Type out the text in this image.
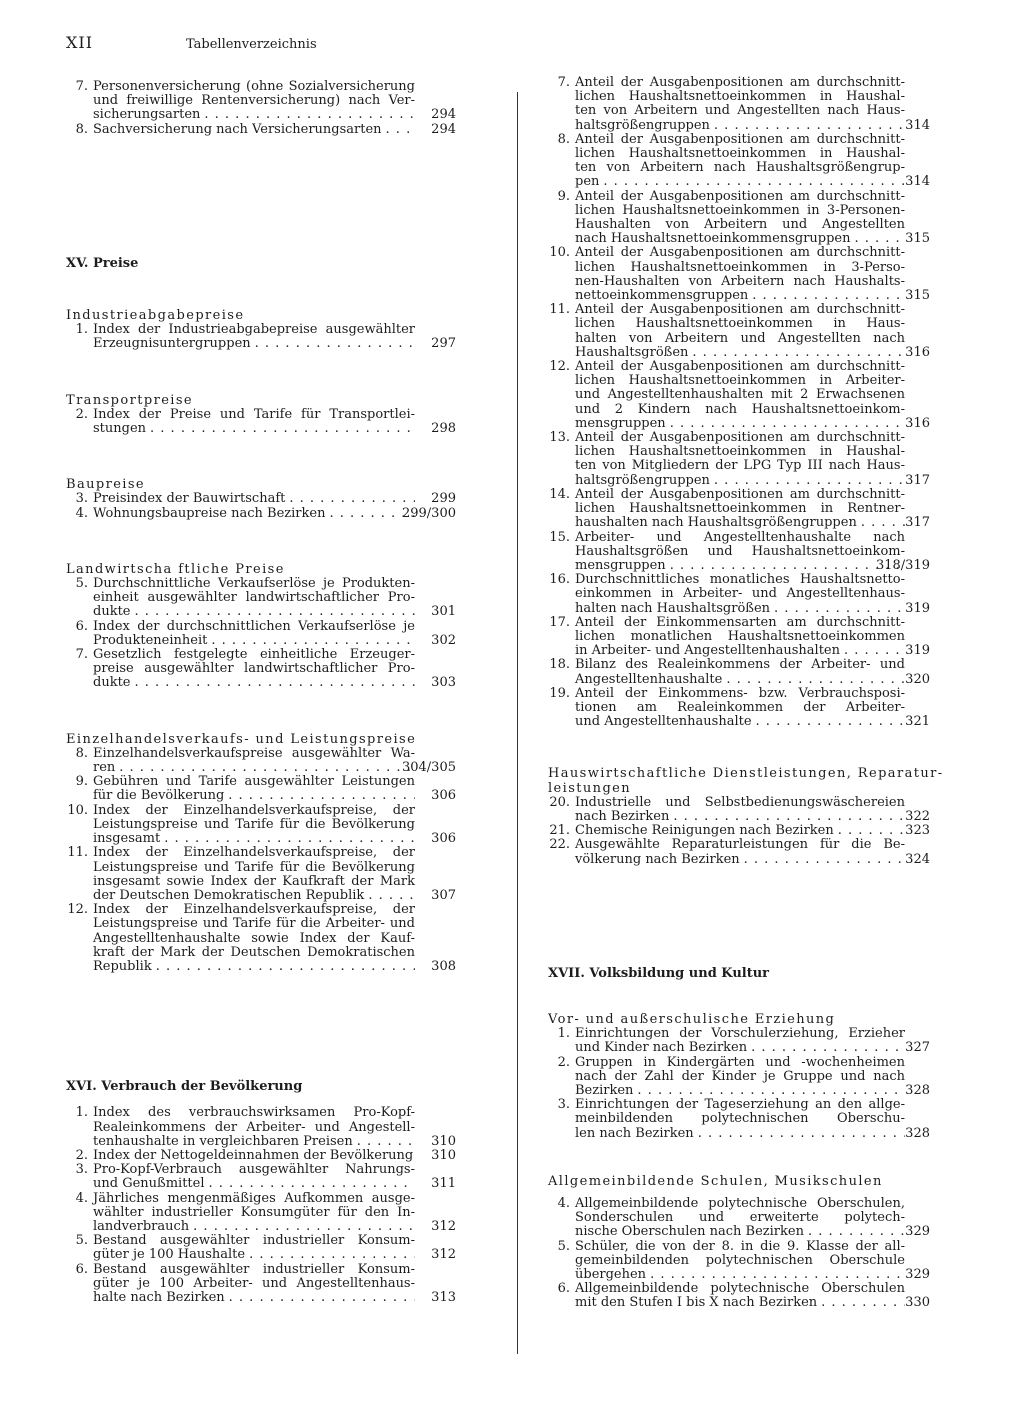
XII	Tabellenverzeichnis
7. Personenversicherung (ohne Sozialversicherung
und freiwillige Rentenversicherung) nach Ver-
sicherungsarten . . .	294
8. Sachversicherung nach Versicherungsarten . . .	294
XV. Preise
Industrieabgabepreise
1. Index der Industrieabgabepreise ausgewählter
Erzeugnisuntergruppen . . .	297
Transportpreise
2. Index der Preise und Tarife für Transportlei-
stungen . . .	298
Baupreise
3. Preisindex der Bauwirtschaft . . .	299
4. Wohnungsbaupreise nach Bezirken . . .	299/300
Landwirtscha ftliche Preise
5. Durchschnittliche Verkaufserlöse je Produkten-
einheit ausgewählter landwirtschaftlicher Pro-
dukte . . .	301
6. Index der durchschnittlichen Verkaufserlöse je
Produkteneinheit . . .	302
7. Gesetzlich festgelegte einheitliche Erzeuger-
preise ausgewählter landwirtschaftlicher Pro-
dukte . . .	303
Einzelhandelsverkaufs- und Leistungspreise
8. Einzelhandelsverkaufspreise ausgewählter Wa-
ren . . .	304/305
9. Gebühren und Tarife ausgewählter Leistungen
für die Bevölkerung . . .	306
10. Index der Einzelhandelsverkaufspreise, der
Leistungspreise und Tarife für die Bevölkerung
insgesamt . . .	306
11. Index der Einzelhandelsverkaufspreise, der
Leistungspreise und Tarife für die Bevölkerung
insgesamt sowie Index der Kaufkraft der Mark
der Deutschen Demokratischen Republik . . .	307
12. Index der Einzelhandelsverkaufspreise, der
Leistungspreise und Tarife für die Arbeiter- und
Angestelltenhaushalte sowie Index der Kauf-
kraft der Mark der Deutschen Demokratischen
Republik . . .	308
XVI. Verbrauch der Bevölkerung
1. Index des verbrauchswirksamen Pro-Kopf-
Realeinkommens der Arbeiter- und Angestell-
tenhaushalte in vergleichbaren Preisen . . .	310
2. Index der Nettogeldeinnahmen der Bevölkerung 310
3. Pro-Kopf-Verbrauch ausgewählter Nahrungs-
und Genußmittel . . .	311
4. Jährliches mengenmäßiges Aufkommen ausge-
wählter industrieller Konsumgüter für den In-
landverbrauch . . .	312
5. Bestand ausgewählter industrieller Konsum-
güter je 100 Haushalte . . .	312
6. Bestand ausgewählter industrieller Konsum-
güter je 100 Arbeiter- und Angestelltenhaus-
halte nach Bezirken . . .	313
7. Anteil der Ausgabenpositionen am durchschnitt-
lichen Haushaltsnettoeinkommen in Haushal-
ten von Arbeitern und Angestellten nach Haus-
haltsgrößengruppen . . .	314
8. Anteil der Ausgabenpositionen am durchschnitt-
lichen Haushaltsnettoeinkommen in Haushal-
ten von Arbeitern nach Haushaltsgrößengrup-
pen . . .	314
9. Anteil der Ausgabenpositionen am durchschnitt-
lichen Haushaltsnettoeinkommen in 3-Personen-
Haushalten von Arbeitern und Angestellten
nach Haushaltsnettoeinkommensgruppen . . .	315
10. Anteil der Ausgabenpositionen am durchschnitt-
lichen Haushaltsnettoeinkommen in 3-Perso-
nen-Haushalten von Arbeitern nach Haushalts-
nettoeinkommensgruppen . . .	315
11. Anteil der Ausgabenpositionen am durchschnitt-
lichen Haushaltsnettoeinkommen in Haus-
halten von Arbeitern und Angestellten nach
Haushaltsgrößen . . .	316
12. Anteil der Ausgabenpositionen am durchschnitt-
lichen Haushaltsnettoeinkommen in Arbeiter-
und Angestelltenhaushalten mit 2 Erwachsenen
und 2 Kindern nach Haushaltsnettoeinkom-
mensgruppen . . .	316
13. Anteil der Ausgabenpositionen am durchschnitt-
lichen Haushaltsnettoeinkommen in Haushal-
ten von Mitgliedern der LPG Typ III nach Haus-
haltsgrößengruppen . . .	317
14. Anteil der Ausgabenpositionen am durchschnitt-
lichen Haushaltsnettoeinkommen in Rentner-
haushalten nach Haushaltsgrößengruppen . . .	317
15. Arbeiter- und Angestelltenhaushalte nach
Haushaltsgrößen und Haushaltsnettoeinkom-
mensgruppen . . .	318/319
16. Durchschnittliches monatliches Haushaltsnetto-
einkommen in Arbeiter- und Angestelltenhaus-
halten nach Haushaltsgrößen . . .	319
17. Anteil der Einkommensarten am durchschnitt-
lichen monatlichen Haushaltsnettoeinkommen
in Arbeiter- und Angestelltenhaushalten . . .	319
18. Bilanz des Realeinkommens der Arbeiter- und
Angestelltenhaushalte . . .	320
19. Anteil der Einkommens- bzw. Verbrauchsposi-
tionen am Realeinkommen der Arbeiter-
und Angestelltenhaushalte . . .	321
Hauswirtschaftliche Dienstleistungen, Reparatur-
leistungen
20. Industrielle und Selbstbedienungswäschereien
nach Bezirken . . .	322
21. Chemische Reinigungen nach Bezirken . . .	323
22. Ausgewählte Reparaturleistungen für die Be-
völkerung nach Bezirken . . .	324
XVII. Volksbildung und Kultur
Vor- und außerschulische Erziehung
1. Einrichtungen der Vorschulerziehung, Erzieher
und Kinder nach Bezirken . . .	327
2. Gruppen in Kindergärten und -wochenheimen
nach der Zahl der Kinder je Gruppe und nach
Bezirken . . .	328
3. Einrichtungen der Tageserziehung an den allge-
meinbildenden polytechnischen Oberschu-
len nach Bezirken . . .	328
Allgemeinbildende Schulen, Musikschulen
4. Allgemeinbildende polytechnische Oberschulen,
Sonderschulen und erweiterte polytech-
nische Oberschulen nach Bezirken . . .	329
5. Schüler, die von der 8. in die 9. Klasse der all-
gemeinbildenden polytechnischen Oberschule
übergehen . . .	329
6. Allgemeinbildende polytechnische Oberschulen
mit den Stufen I bis X nach Bezirken . . .	330
